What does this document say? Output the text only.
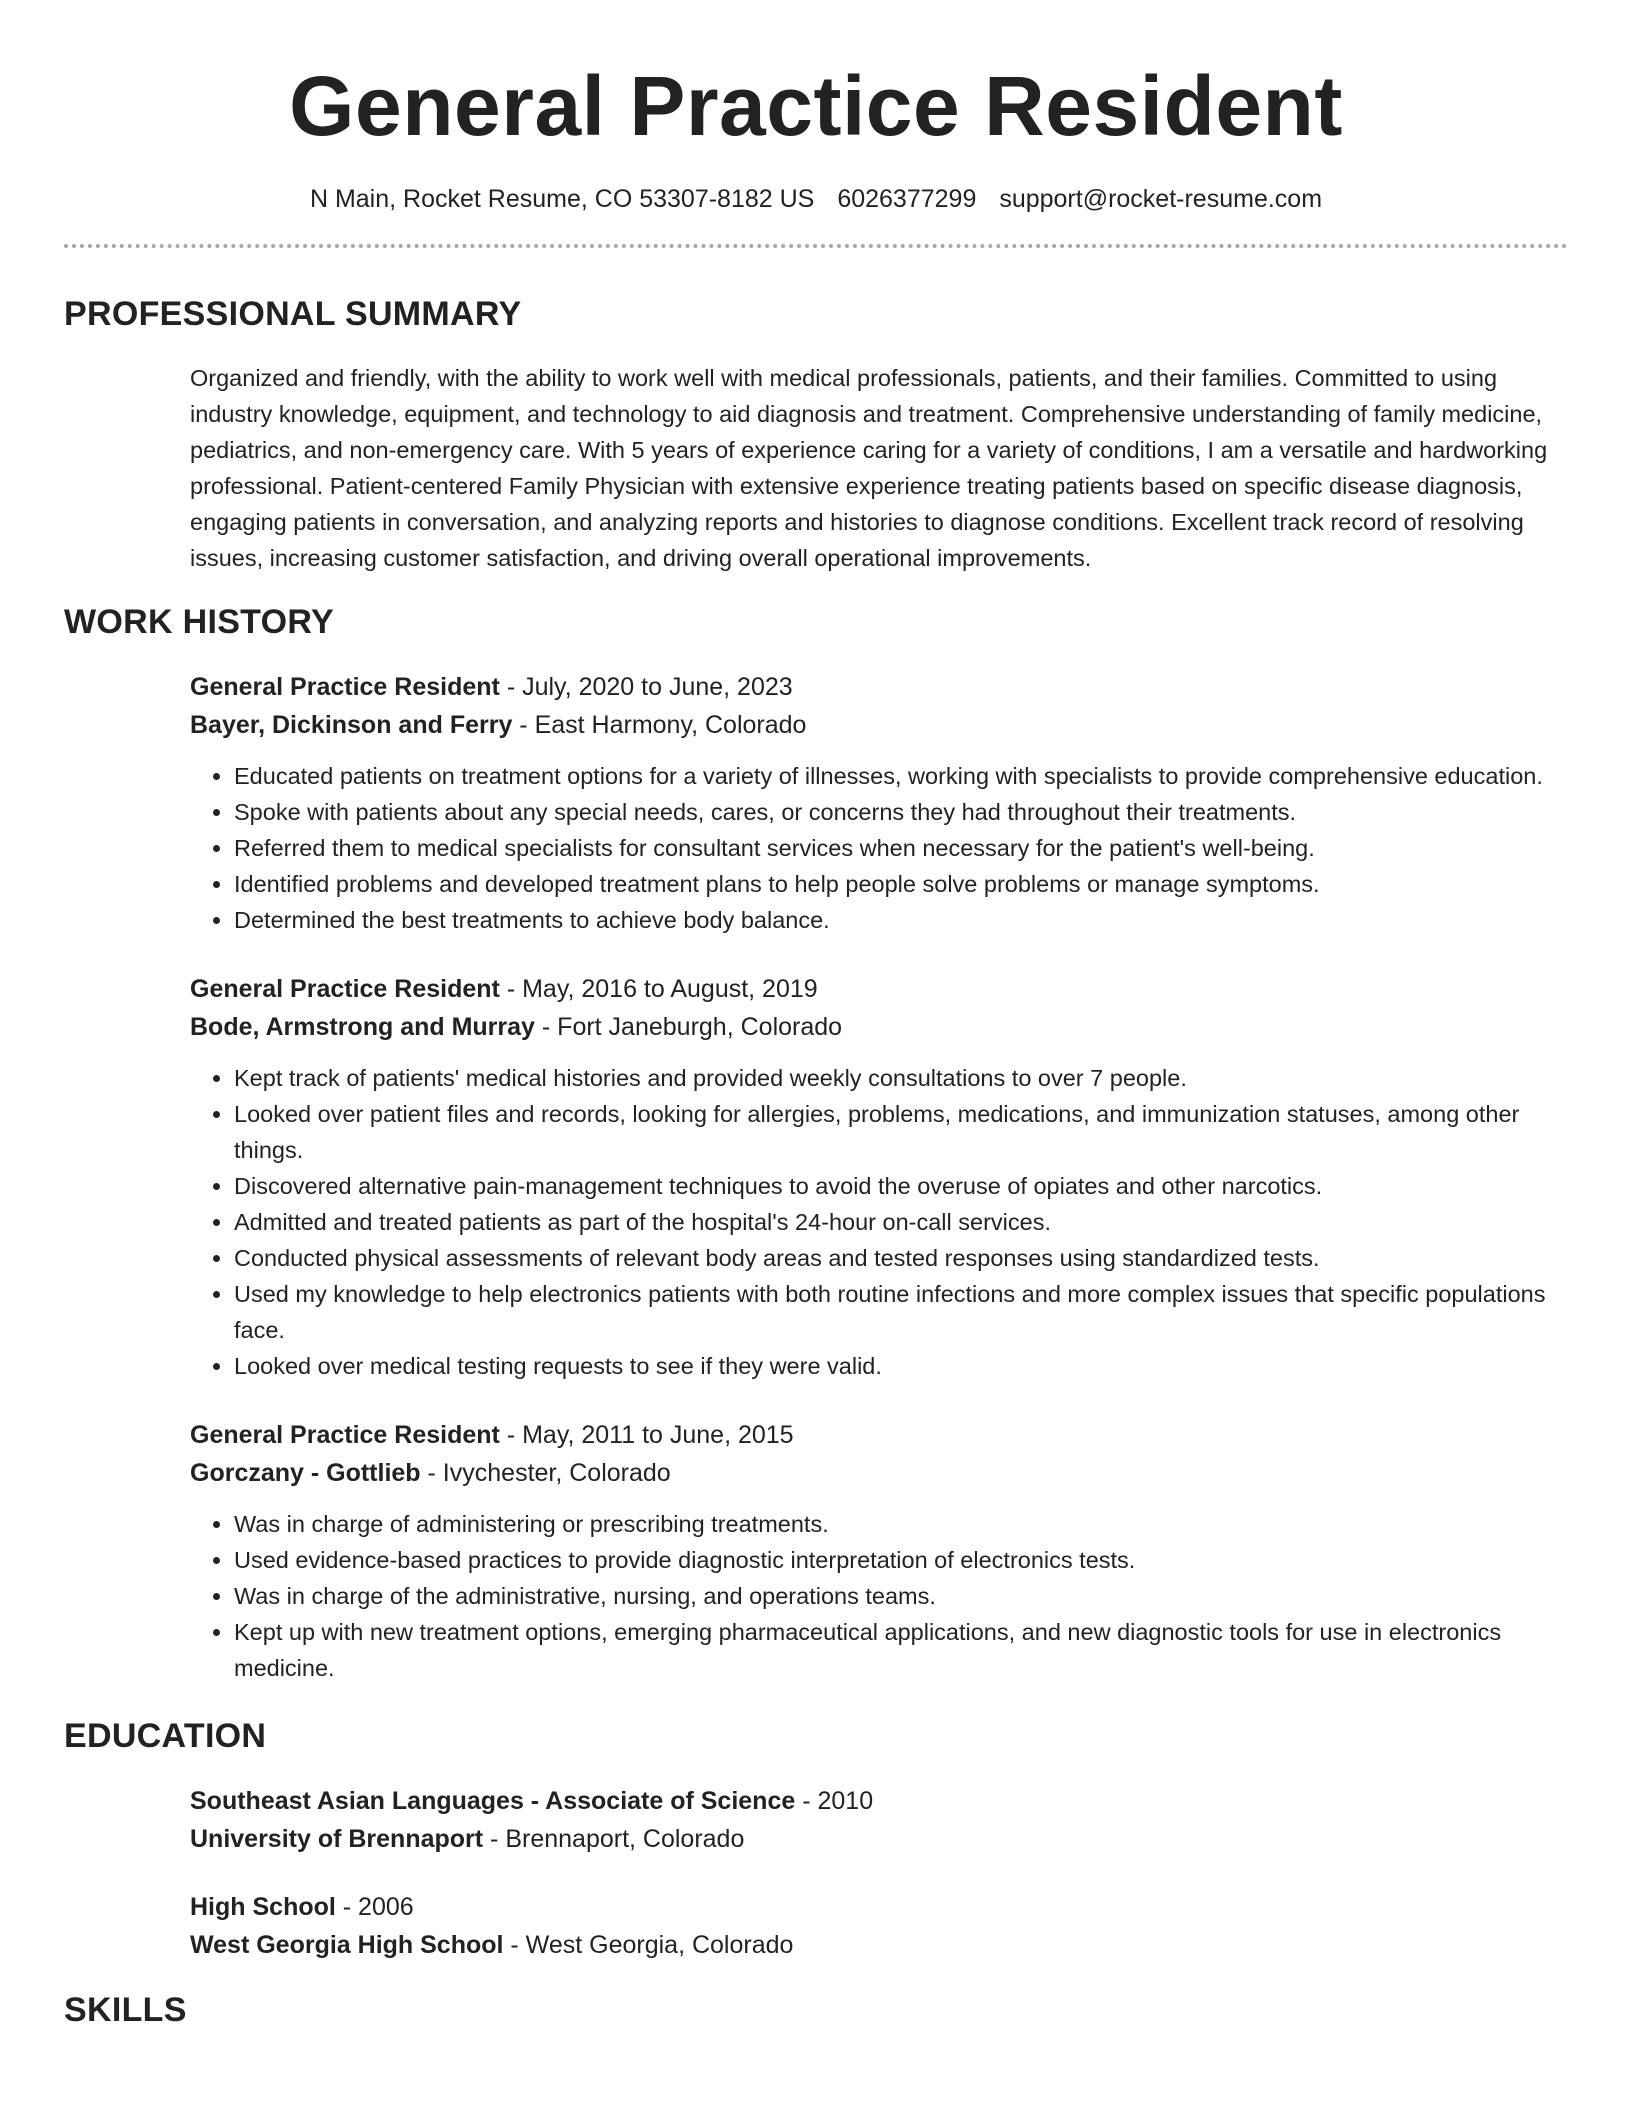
General Practice Resident
N Main, Rocket Resume, CO 53307-8182 US 6026377299 support@rocket-resume.com
PROFESSIONAL SUMMARY

Organized and friendly, with the ability to work well with medical professionals, patients, and their families. Committed to using industry knowledge, equipment, and technology to aid diagnosis and treatment. Comprehensive understanding of family medicine, pediatrics, and non-emergency care. With 5 years of experience caring for a variety of conditions, I am a versatile and hardworking professional. Patient-centered Family Physician with extensive experience treating patients based on specific disease diagnosis, engaging patients in conversation, and analyzing reports and histories to diagnose conditions. Excellent track record of resolving issues, increasing customer satisfaction, and driving overall operational improvements.

WORK HISTORY
General Practice Resident - July, 2020 to June, 2023
Bayer, Dickinson and Ferry - East Harmony, Colorado
• Educated patients on treatment options for a variety of illnesses, working with specialists to provide comprehensive education.
• Spoke with patients about any special needs, cares, or concerns they had throughout their treatments.
• Referred them to medical specialists for consultant services when necessary for the patient's well-being.
• Identified problems and developed treatment plans to help people solve problems or manage symptoms.
• Determined the best treatments to achieve body balance.
General Practice Resident - May, 2016 to August, 2019
Bode, Armstrong and Murray - Fort Janeburgh, Colorado
• Kept track of patients' medical histories and provided weekly consultations to over 7 people.
• Looked over patient files and records, looking for allergies, problems, medications, and immunization statuses, among other things.
• Discovered alternative pain-management techniques to avoid the overuse of opiates and other narcotics.
• Admitted and treated patients as part of the hospital's 24-hour on-call services.
• Conducted physical assessments of relevant body areas and tested responses using standardized tests.
• Used my knowledge to help electronics patients with both routine infections and more complex issues that specific populations face.
• Looked over medical testing requests to see if they were valid.
General Practice Resident - May, 2011 to June, 2015
Gorczany - Gottlieb - Ivychester, Colorado
• Was in charge of administering or prescribing treatments.
• Used evidence-based practices to provide diagnostic interpretation of electronics tests.
• Was in charge of the administrative, nursing, and operations teams.
• Kept up with new treatment options, emerging pharmaceutical applications, and new diagnostic tools for use in electronics medicine.
EDUCATION
Southeast Asian Languages - Associate of Science - 2010
University of Brennaport - Brennaport, Colorado
High School - 2006
West Georgia High School - West Georgia, Colorado
SKILLS
